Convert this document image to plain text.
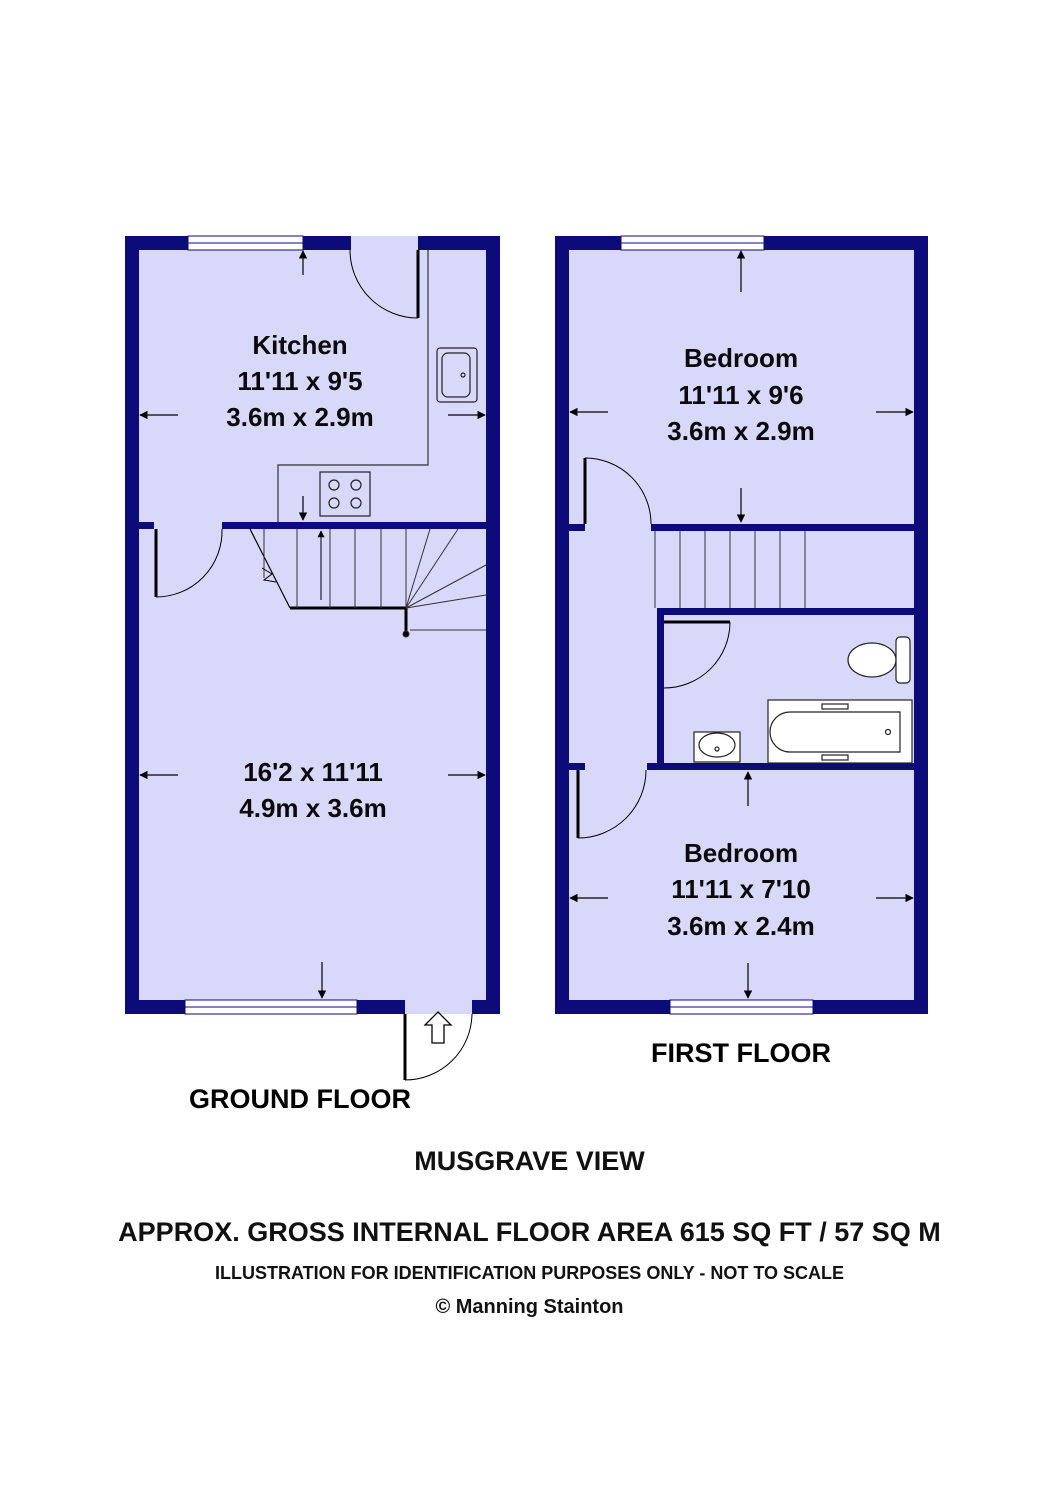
Kitchen
11'11 x 9'5
3.6m x 2.9m
16'2 x 11'11
4.9m x 3.6m
GROUND FLOOR
Bedroom
11'11 x 9'6
3.6m x 2.9m
Bedroom
11'11 x 7'10
3.6m x 2.4m
FIRST FLOOR
MUSGRAVE VIEW
APPROX. GROSS INTERNAL FLOOR AREA 615 SQ FT / 57 SQ M
ILLUSTRATION FOR IDENTIFICATION PURPOSES ONLY - NOT TO SCALE
© Manning Stainton
